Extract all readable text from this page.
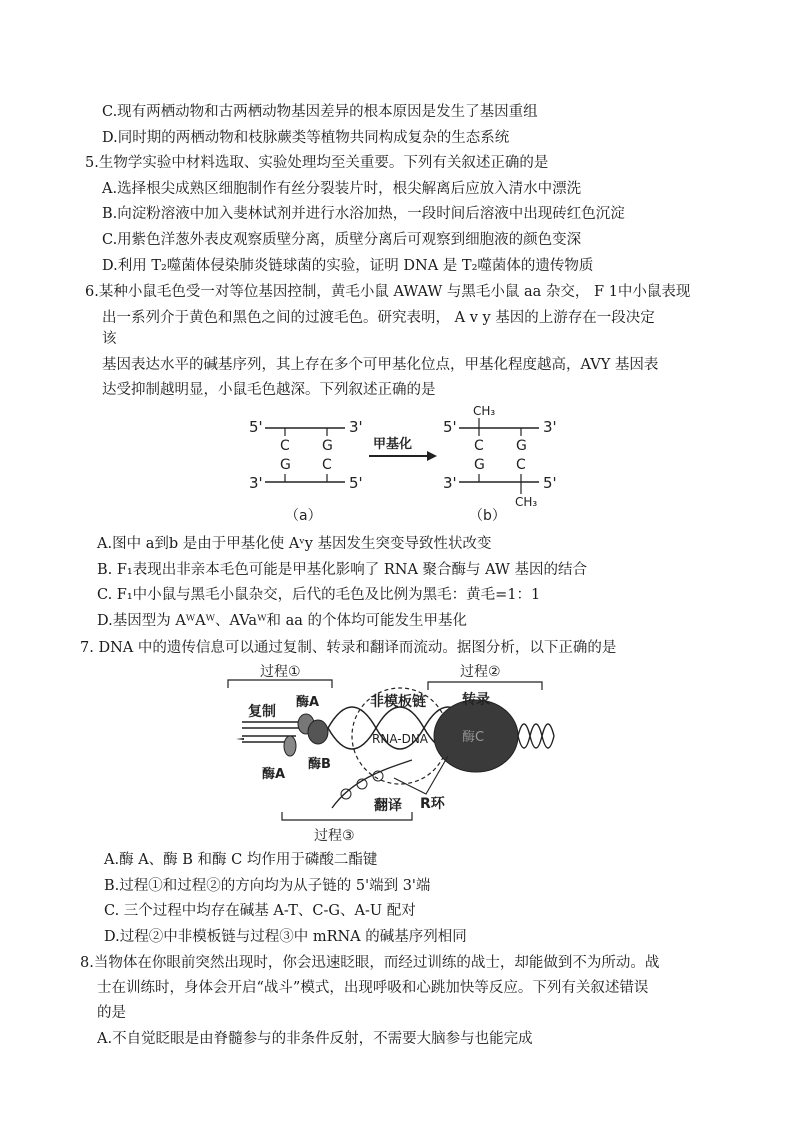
C.现有两栖动物和古两栖动物基因差异的根本原因是发生了基因重组
D.同时期的两栖动物和枝脉蕨类等植物共同构成复杂的生态系统
5.生物学实验中材料选取、实验处理均至关重要。下列有关叙述正确的是
A.选择根尖成熟区细胞制作有丝分裂装片时，根尖解离后应放入清水中漂洗
B.向淀粉溶液中加入斐林试剂并进行水浴加热，一段时间后溶液中出现砖红色沉淀
C.用紫色洋葱外表皮观察质壁分离，质壁分离后可观察到细胞液的颜色变深
D.利用 T₂噬菌体侵染肺炎链球菌的实验，证明 DNA 是 T₂噬菌体的遗传物质
6.某种小鼠毛色受一对等位基因控制，黄毛小鼠 AWAW 与黑毛小鼠 aa 杂交， F 1中小鼠表现
出一系列介于黄色和黑色之间的过渡毛色。研究表明， A v y 基因的上游存在一段决定
该
基因表达水平的碱基序列，其上存在多个可甲基化位点，甲基化程度越高，AVY 基因表
达受抑制越明显，小鼠毛色越深。下列叙述正确的是
5'	3'
C G
G C
3'	5'
（a）
甲基化
5'	3'
CH₃
C G
G C
3'	5'
CH₃
（b）
A.图中 a到b 是由于甲基化使 Aᵛy 基因发生突变导致性状改变
B. F₁表现出非亲本毛色可能是甲基化影响了 RNA 聚合酶与 AW 基因的结合
C. F₁中小鼠与黑毛小鼠杂交，后代的毛色及比例为黑毛：黄毛=1：1
D.基因型为 AᵂAᵂ、AVaᵂ和 aa 的个体均可能发生甲基化
7. DNA 中的遗传信息可以通过复制、转录和翻译而流动。据图分析，以下正确的是
过程①	过程②
复制
酶A
酶B
酶A
非模板链
RNA-DNA	酶C
转录
翻译 R环
过程③
A.酶 A、酶 B 和酶 C 均作用于磷酸二酯键
B.过程①和过程②的方向均为从子链的 5'端到 3'端
C. 三个过程中均存在碱基 A-T、C-G、A-U 配对
D.过程②中非模板链与过程③中 mRNA 的碱基序列相同
8.当物体在你眼前突然出现时，你会迅速眨眼，而经过训练的战士，却能做到不为所动。战
士在训练时，身体会开启“战斗”模式，出现呼吸和心跳加快等反应。下列有关叙述错误
的是
A.不自觉眨眼是由脊髓参与的非条件反射，不需要大脑参与也能完成
